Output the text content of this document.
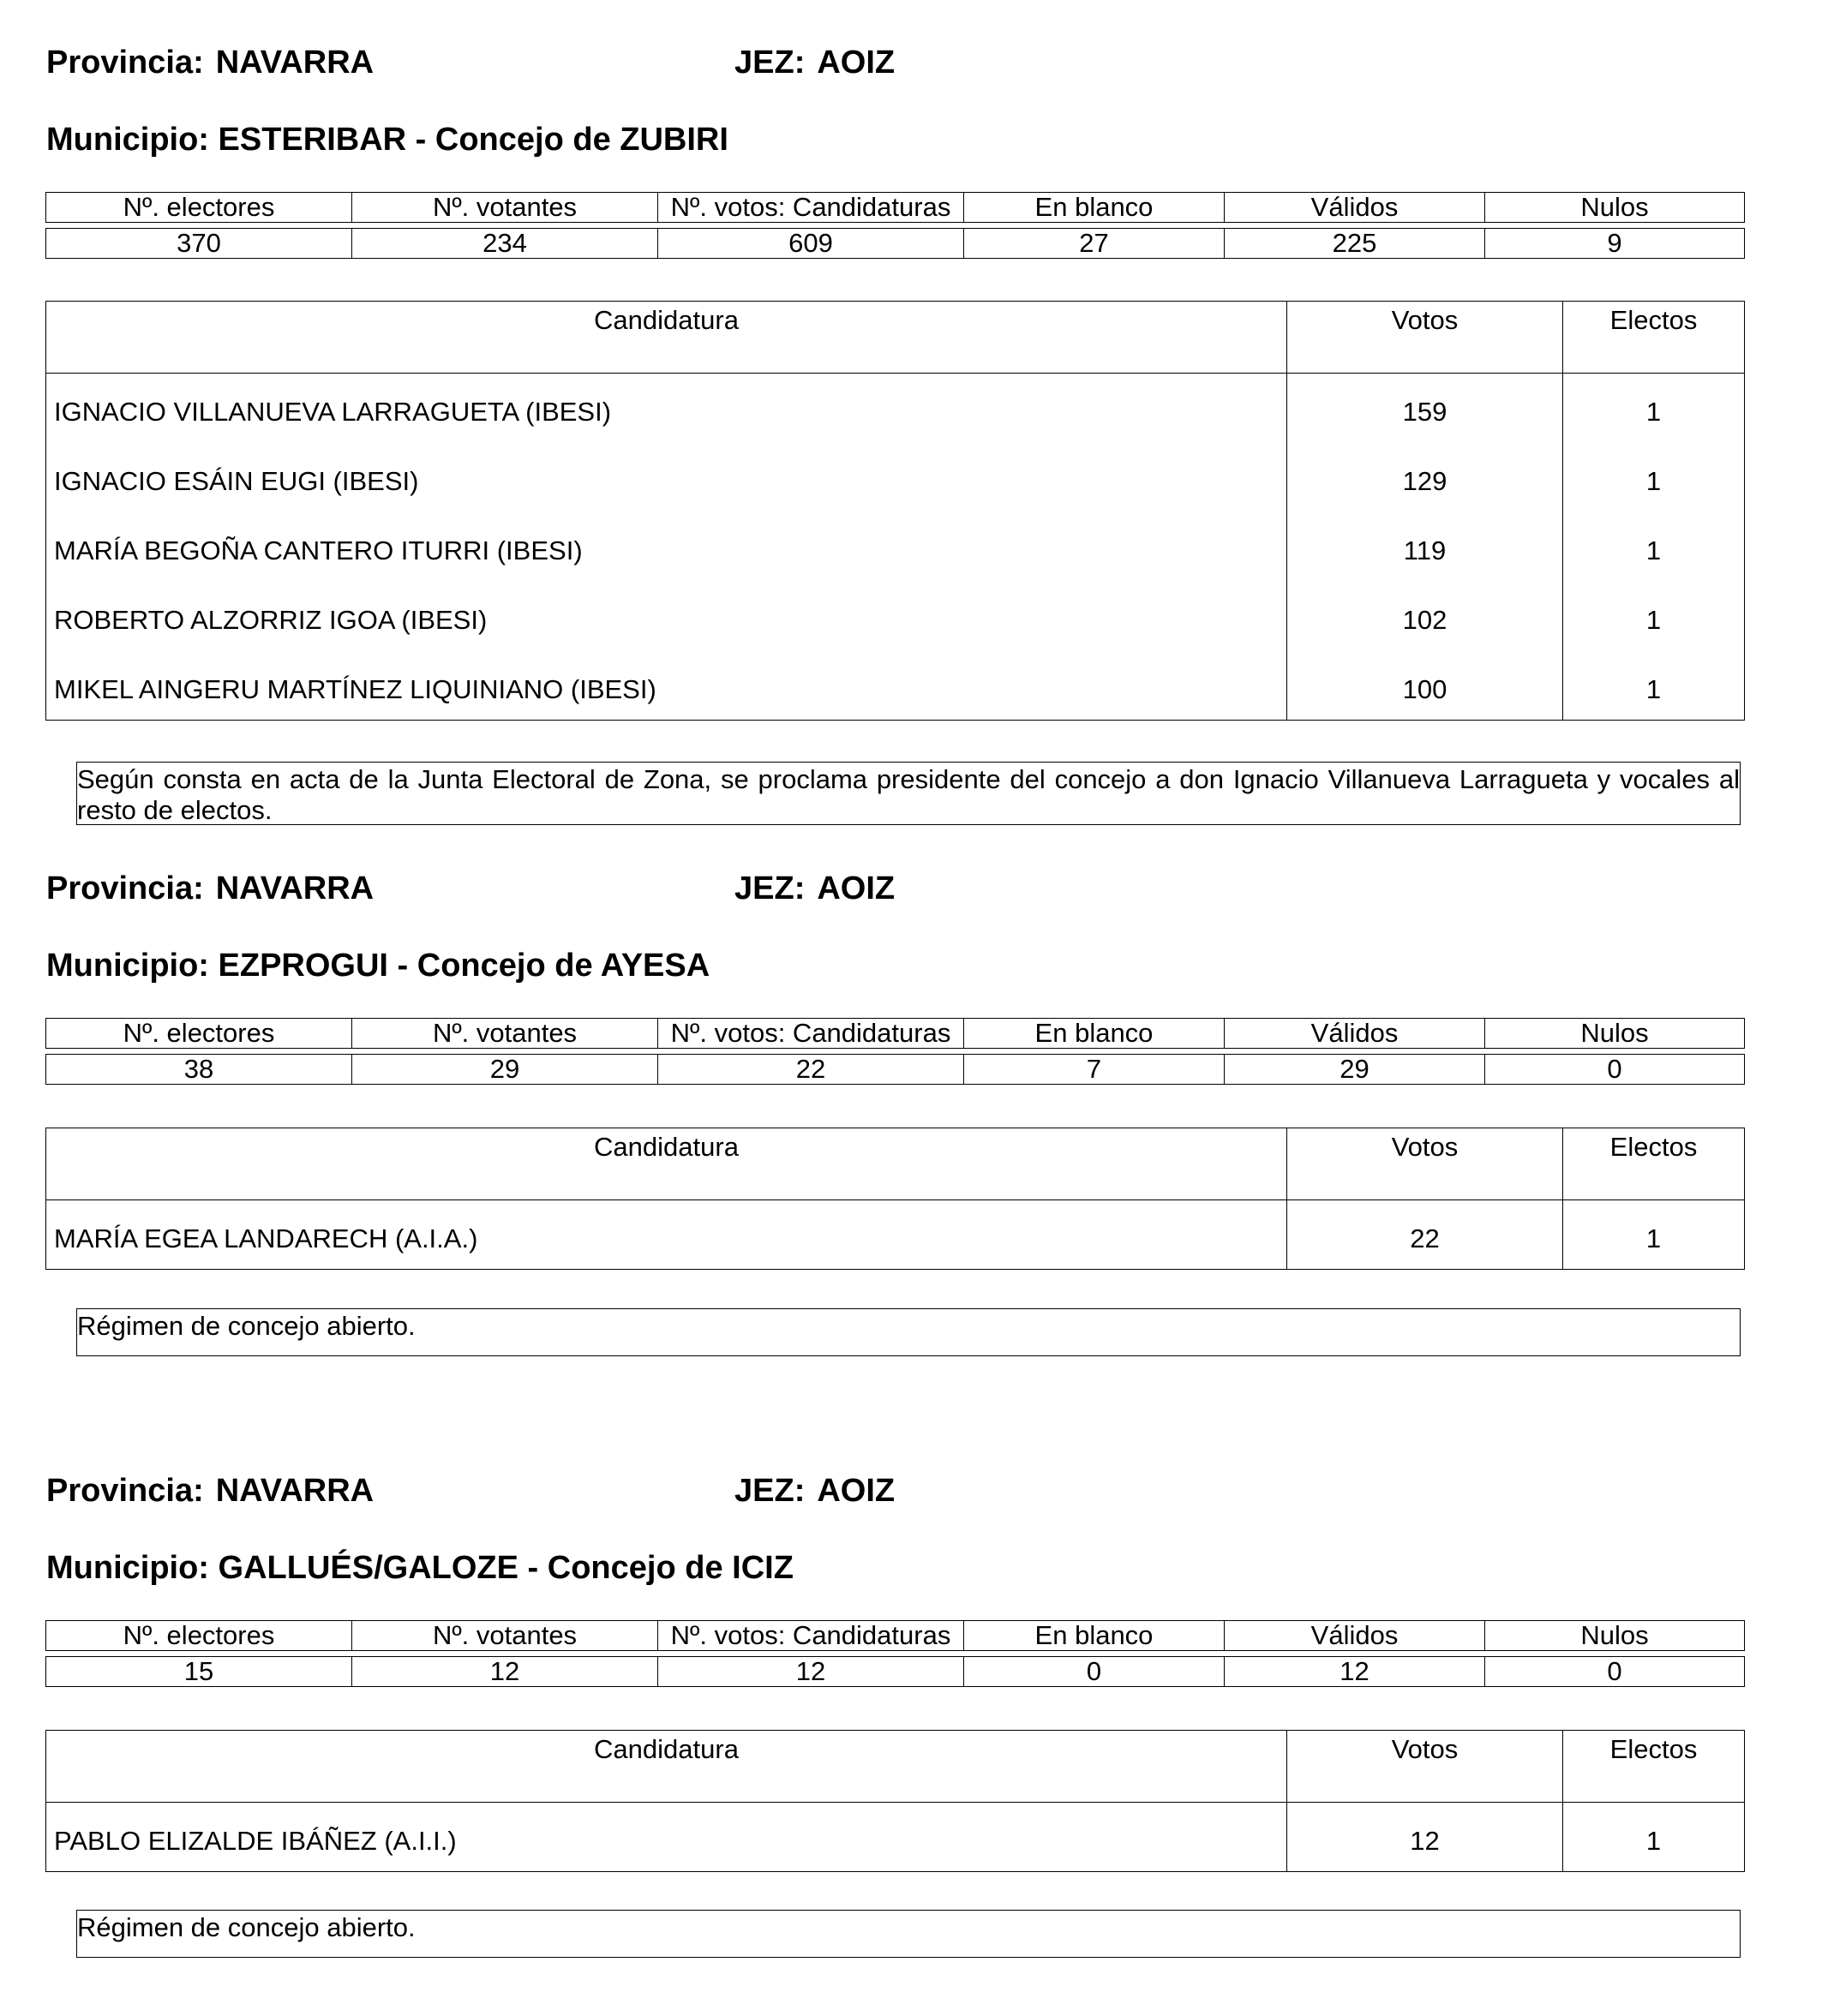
Provincia: NAVARRA	JEZ: AOIZ
Municipio: ESTERIBAR - Concejo de ZUBIRI
Nº. electores	Nº. votantes	Nº. votos: Candidaturas	En blanco	Válidos	Nulos

370	234	609	27	225	9
Candidatura	Votos	Electos
IGNACIO VILLANUEVA LARRAGUETA (IBESI)	159	1
IGNACIO ESÁIN EUGI (IBESI)	129	1
MARÍA BEGOÑA CANTERO ITURRI (IBESI)	119	1
ROBERTO ALZORRIZ IGOA (IBESI)	102	1
MIKEL AINGERU MARTÍNEZ LIQUINIANO (IBESI)	100	1
Según consta en acta de la Junta Electoral de Zona, se proclama presidente del concejo a don Ignacio Villanueva Larragueta y vocales al resto de electos.
Provincia: NAVARRA	JEZ: AOIZ
Municipio: EZPROGUI - Concejo de AYESA
Nº. electores	Nº. votantes	Nº. votos: Candidaturas	En blanco	Válidos	Nulos

38	29	22	7	29	0
Candidatura	Votos	Electos
MARÍA EGEA LANDARECH (A.I.A.)	22	1
Régimen de concejo abierto.
Provincia: NAVARRA	JEZ: AOIZ
Municipio: GALLUÉS/GALOZE - Concejo de ICIZ
Nº. electores	Nº. votantes	Nº. votos: Candidaturas	En blanco	Válidos	Nulos

15	12	12	0	12	0
Candidatura	Votos	Electos
PABLO ELIZALDE IBÁÑEZ (A.I.I.)	12	1
Régimen de concejo abierto.
